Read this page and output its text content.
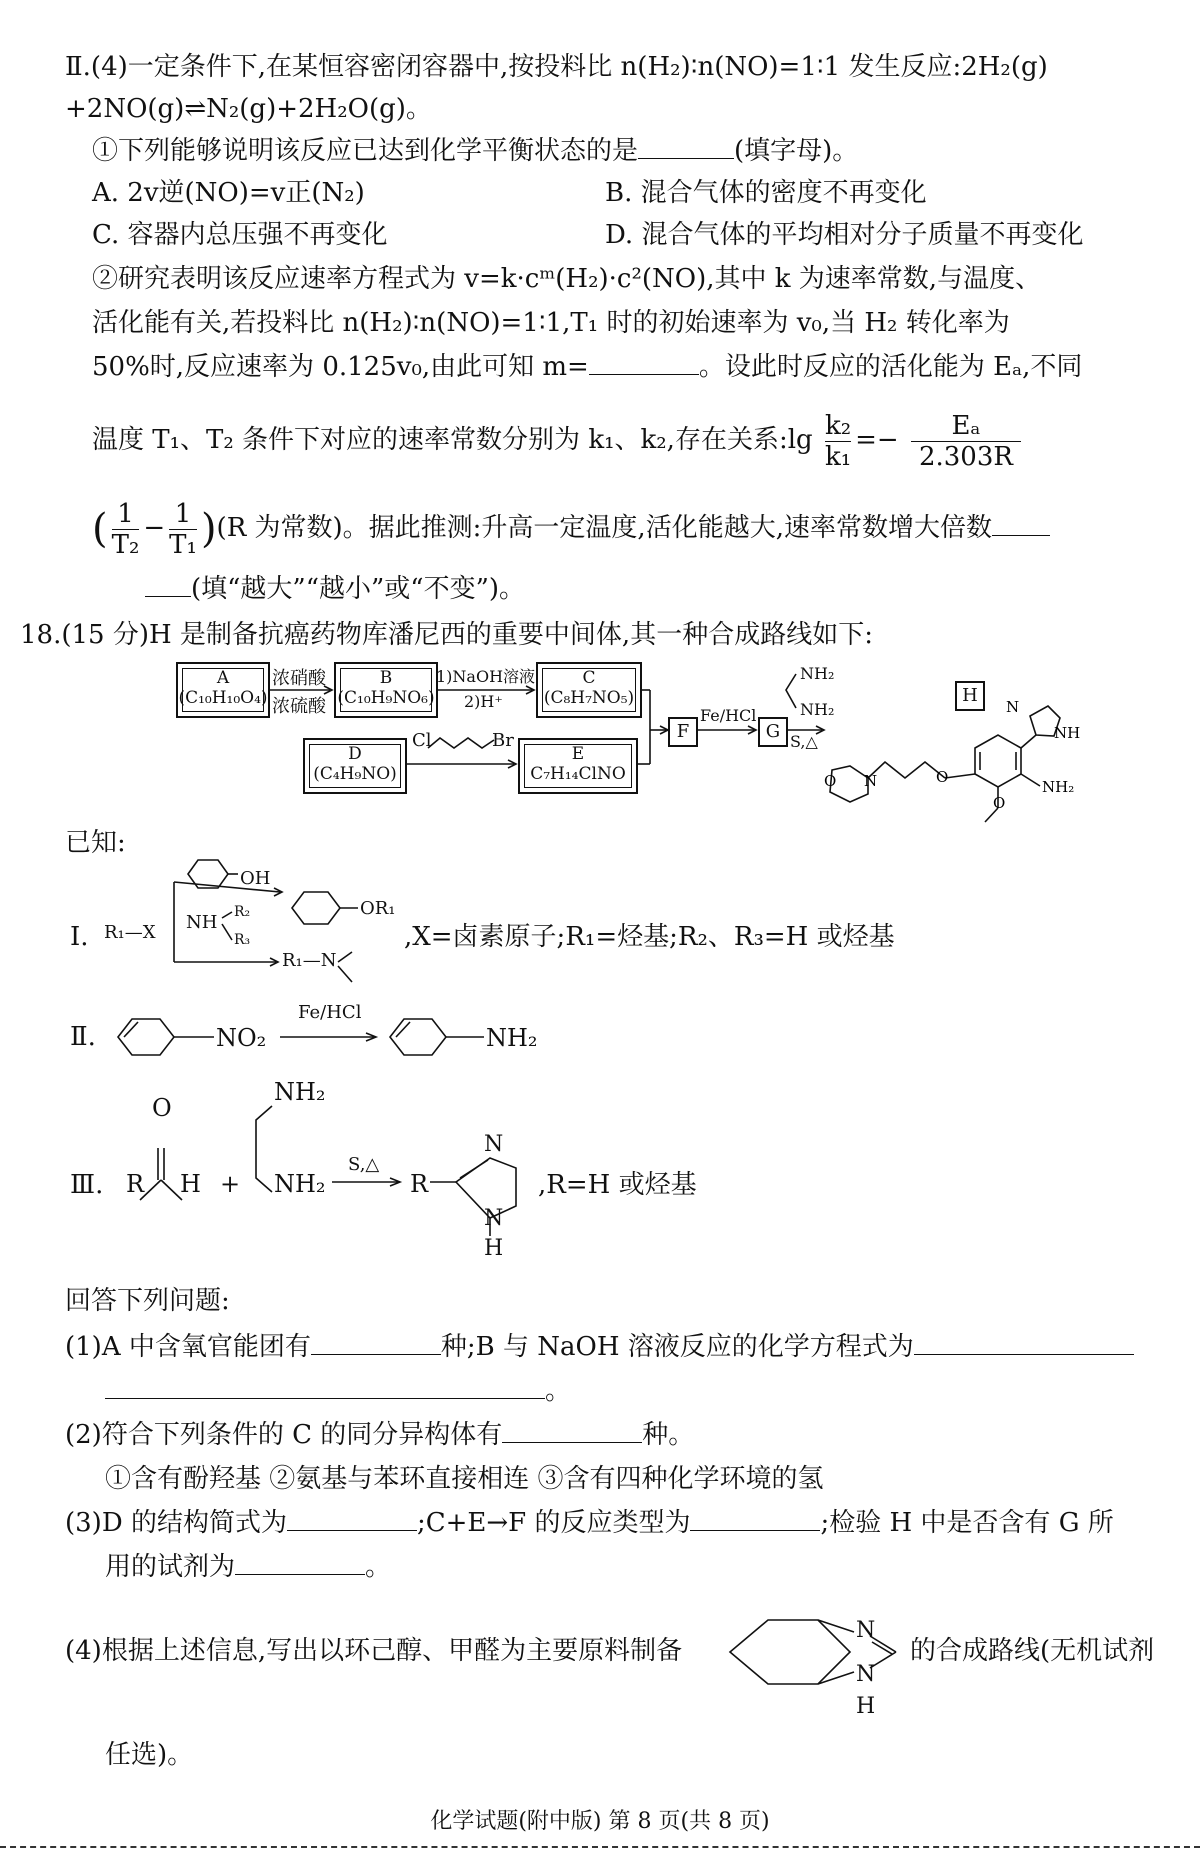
Ⅱ.(4)一定条件下,在某恒容密闭容器中,按投料比 n(H₂)∶n(NO)=1∶1 发生反应:2H₂(g)
+2NO(g)⇌N₂(g)+2H₂O(g)。
①下列能够说明该反应已达到化学平衡状态的是	(填字母)。
A. 2v逆(NO)=v正(N₂)	B. 混合气体的密度不再变化
C. 容器内总压强不再变化	D. 混合气体的平均相对分子质量不再变化
②研究表明该反应速率方程式为 v=k·cᵐ(H₂)·c²(NO),其中 k 为速率常数,与温度、
活化能有关,若投料比 n(H₂)∶n(NO)=1∶1,T₁ 时的初始速率为 v₀,当 H₂ 转化率为
50%时,反应速率为 0.125v₀,由此可知 m=	。设此时反应的活化能为 Eₐ,不同
温度 T₁、T₂ 条件下对应的速率常数分别为 k₁、k₂,存在关系:lg $\frac{\text{k₂}}{\text{k₁}} =- \frac{\text{Eₐ}}{2.303R}$
( $\frac{1}{\text{T₂}} - \frac{1}{\text{T₁}} )(R$ 为常数)。据此推测:升高一定温度,活化能越大,速率常数增大倍数
(填“越大”“越小”或“不变”)。
18.(15 分)H 是制备抗癌药物库潘尼西的重要中间体,其一种合成路线如下:
A
(C₁₀H₁₀O₄)
B
(C₁₀H₉NO₆)
C
(C₈H₇NO₅)
D
(C₄H₉NO)
E
C₇H₁₄ClNO
F	G
H
浓硝酸
浓硫酸
1)NaOH溶液
2)H⁺
Fe/HCl
S,△
Cl	Br
NH₂
NH₂	N
NH
NH₂
O
O
N
O
已知:
Ⅰ. R₁—X
OH
NH R₂
R₃
OR₁
R₁—N
,X=卤素原子;R₁=烃基;R₂、R₃=H 或烃基
Ⅱ.	NO₂
Fe/HCl
NH₂
Ⅲ.
O
R H +
NH₂
NH₂
S,△
R
N
N
H
,R=H 或烃基
回答下列问题:
(1)A 中含氧官能团有	种;B 与 NaOH 溶液反应的化学方程式为
。
(2)符合下列条件的 C 的同分异构体有	种。
①含有酚羟基 ②氨基与苯环直接相连 ③含有四种化学环境的氢
(3)D 的结构简式为	;C+E→F 的反应类型为	;检验 H 中是否含有 G 所
用的试剂为	。
(4)根据上述信息,写出以环己醇、甲醛为主要原料制备
N
N
H
的合成路线(无机试剂
任选)。
化学试题(附中版) 第 8 页(共 8 页)
